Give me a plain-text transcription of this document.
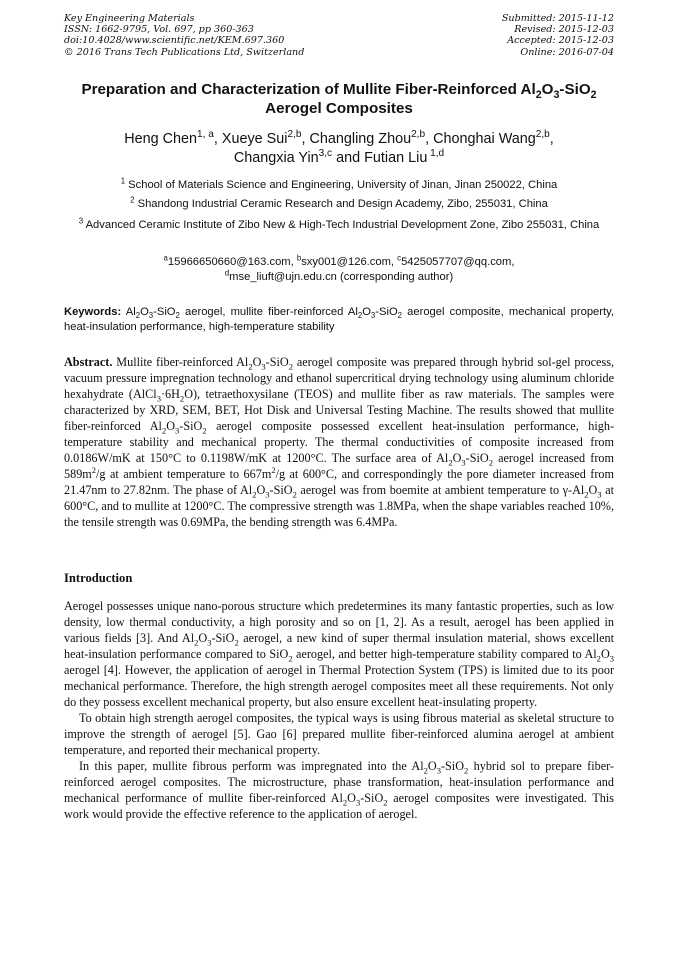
Key Engineering Materials
ISSN: 1662-9795, Vol. 697, pp 360-363
doi:10.4028/www.scientific.net/KEM.697.360
© 2016 Trans Tech Publications Ltd, Switzerland
Submitted: 2015-11-12
Revised: 2015-12-03
Accepted: 2015-12-03
Online: 2016-07-04
Preparation and Characterization of Mullite Fiber-Reinforced $Al_2O_3-SiO_2$
Aerogel Composites
Heng Chen$^{1, a}$, Xueye Sui$^{2,b}$, Changling Zhou$^{2,b}$, Chonghai Wang$^{2,b}$,
Changxia Yin$^{3,c}$ and Futian Liu $^{1,d}$
$^1$ School of Materials Science and Engineering, University of Jinan, Jinan 250022, China
$^2$ Shandong Industrial Ceramic Research and Design Academy, Zibo, 255031, China
$^3$ Advanced Ceramic Institute of Zibo New & High-Tech Industrial Development Zone, Zibo 255031, China
$^a$15966650660@163.com, $^b$sxy001@126.com, $^c$5425057707@qq.com,
$^d$mse_liuft@ujn.edu.cn (corresponding author)
Keywords: $Al_2O_3-SiO_2$ aerogel, mullite fiber-reinforced $Al_2O_3-SiO_2$ aerogel composite, mechanical property, heat-insulation performance, high-temperature stability
Abstract. Mullite fiber-reinforced $Al_2O_3-SiO_2$ aerogel composite was prepared through hybrid sol-gel process, vacuum pressure impregnation technology and ethanol supercritical drying technology using aluminum chloride hexahydrate $(AlCl_3\cdot 6H_2O)$, tetraethoxysilane (TEOS) and mullite fiber as raw materials. The samples were characterized by XRD, SEM, BET, Hot Disk and Universal Testing Machine. The results showed that mullite fiber-reinforced $Al_2O_3-SiO_2$ aerogel composite possessed excellent heat-insulation performance, high-temperature stability and mechanical property. The thermal conductivities of composite increased from 0.0186W/mK at 150°C to 0.1198W/mK at 1200°C. The surface area of $Al_2O_3-SiO_2$ aerogel increased from $589m^2/g$ at ambient temperature to $667m^2/g$ at 600°C, and correspondingly the pore diameter increased from 21.47nm to 27.82nm. The phase of $Al_2O_3-SiO_2$ aerogel was from boemite at ambient temperature to $\gamma-Al_2O_3$ at 600°C, and to mullite at 1200°C. The compressive strength was 1.8MPa, when the shape variables reached 10%, the tensile strength was 0.69MPa, the bending strength was 6.4MPa.
Introduction

Aerogel possesses unique nano-porous structure which predetermines its many fantastic properties, such as low density, low thermal conductivity, a high porosity and so on [1, 2]. As a result, aerogel has been applied in various fields [3]. And $Al_2O_3-SiO_2$ aerogel, a new kind of super thermal insulation material, shows excellent heat-insulation performance compared to SiO$_2$ aerogel, and better high-temperature stability compared to $Al_2O_3$ aerogel [4]. However, the application of aerogel in Thermal Protection System (TPS) is limited due to its poor mechanical performance. Therefore, the high strength aerogel composites meet all these requirements. Not only do they possess excellent mechanical property, but also ensure excellent heat-insulating property.

To obtain high strength aerogel composites, the typical ways is using fibrous material as skeletal structure to improve the strength of aerogel [5]. Gao [6] prepared mullite fiber-reinforced alumina aerogel at ambient temperature, and reported their mechanical property.

In this paper, mullite fibrous perform was impregnated into the $Al_2O_3-SiO_2$ hybrid sol to prepare fiber-reinforced aerogel composites. The microstructure, phase transformation, heat-insulation performance and mechanical performance of mullite fiber-reinforced $Al_2O_3-SiO_2$ aerogel composites were investigated. This work would provide the effective reference to the application of aerogel.
